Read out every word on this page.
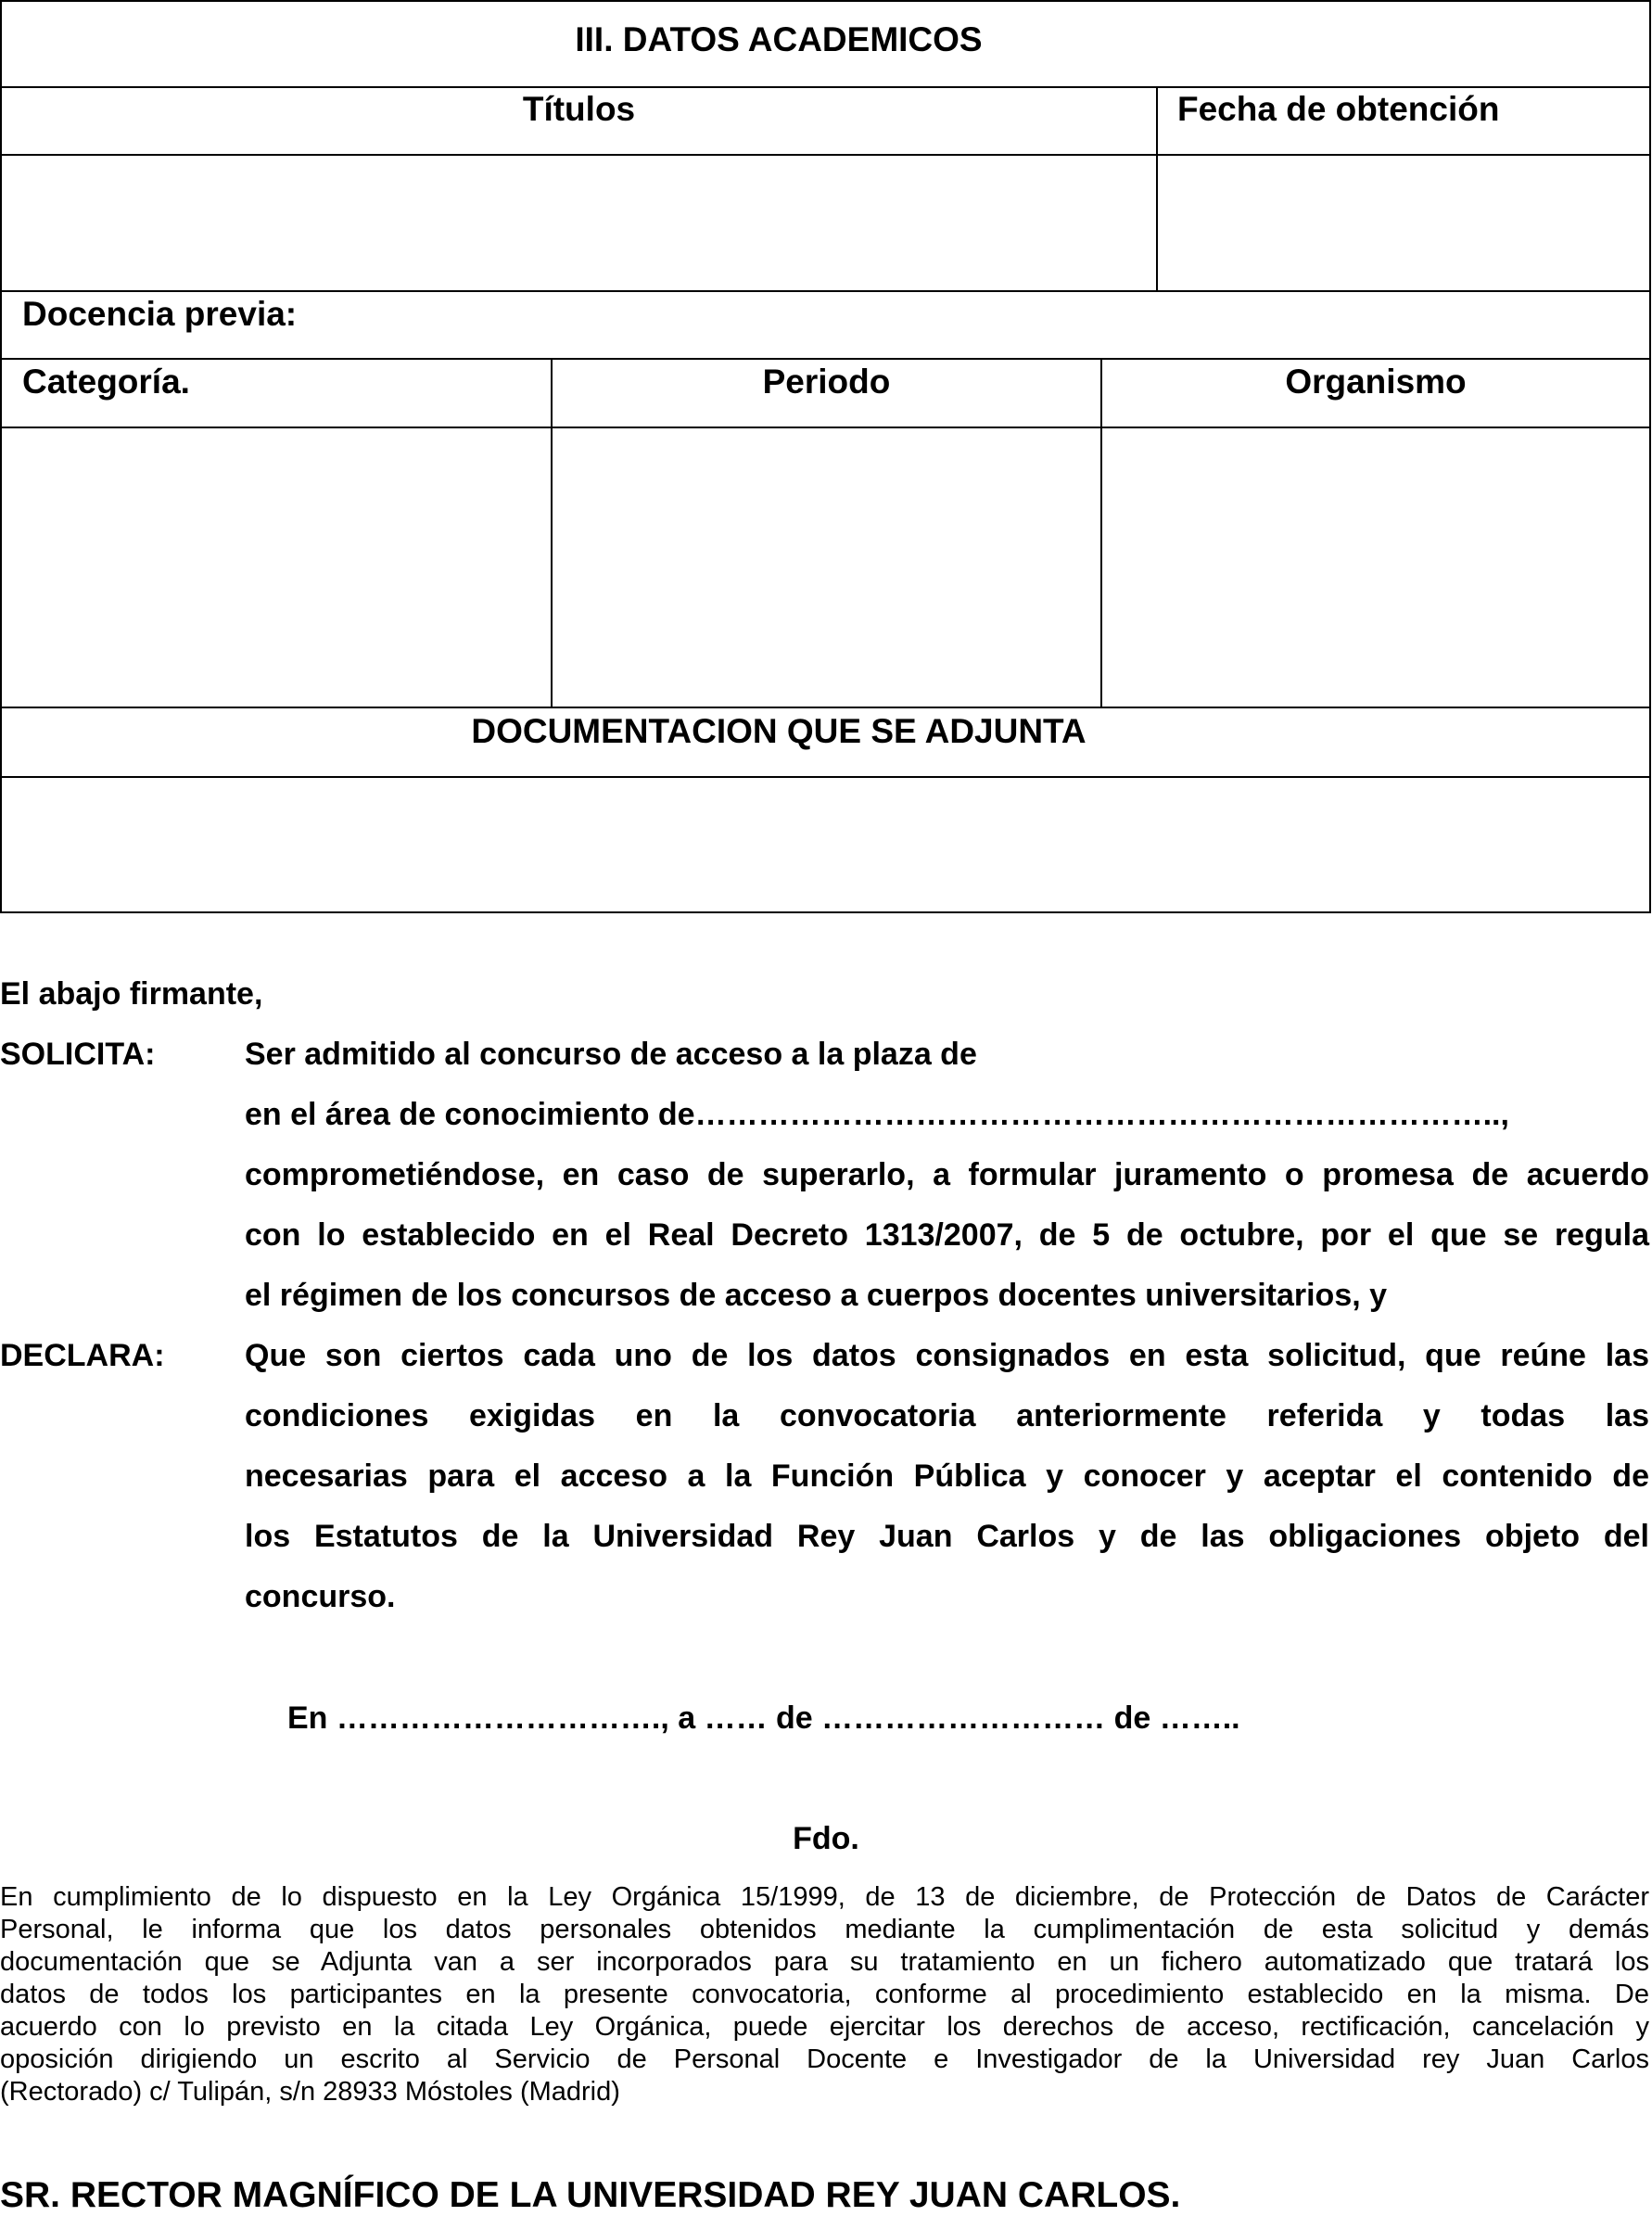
III. DATOS ACADEMICOS
Títulos	Fecha de obtención
Docencia previa:
Categoría.	Periodo	Organismo
DOCUMENTACION QUE SE ADJUNTA
El abajo firmante,
SOLICITA:	Ser admitido al concurso de acceso a la plaza de
en el área de conocimiento de…………………………………………………………………..,
comprometiéndose, en caso de superarlo, a formular juramento o promesa de acuerdo
con lo establecido en el Real Decreto 1313/2007, de 5 de octubre, por el que se regula
el régimen de los concursos de acceso a cuerpos docentes universitarios, y
DECLARA:	Que son ciertos cada uno de los datos consignados en esta solicitud, que reúne las
condiciones exigidas en la convocatoria anteriormente referida y todas las
necesarias para el acceso a la Función Pública y conocer y aceptar el contenido de
los Estatutos de la Universidad Rey Juan Carlos y de las obligaciones objeto del
concurso.
En …………………………., a …… de ……………………… de ……..
Fdo.
En cumplimiento de lo dispuesto en la Ley Orgánica 15/1999, de 13 de diciembre, de Protección de Datos de Carácter
Personal, le informa que los datos personales obtenidos mediante la cumplimentación de esta solicitud y demás
documentación que se Adjunta van a ser incorporados para su tratamiento en un fichero automatizado que tratará los
datos de todos los participantes en la presente convocatoria, conforme al procedimiento establecido en la misma. De
acuerdo con lo previsto en la citada Ley Orgánica, puede ejercitar los derechos de acceso, rectificación, cancelación y
oposición dirigiendo un escrito al Servicio de Personal Docente e Investigador de la Universidad rey Juan Carlos
(Rectorado) c/ Tulipán, s/n 28933 Móstoles (Madrid)
SR. RECTOR MAGNÍFICO DE LA UNIVERSIDAD REY JUAN CARLOS.
